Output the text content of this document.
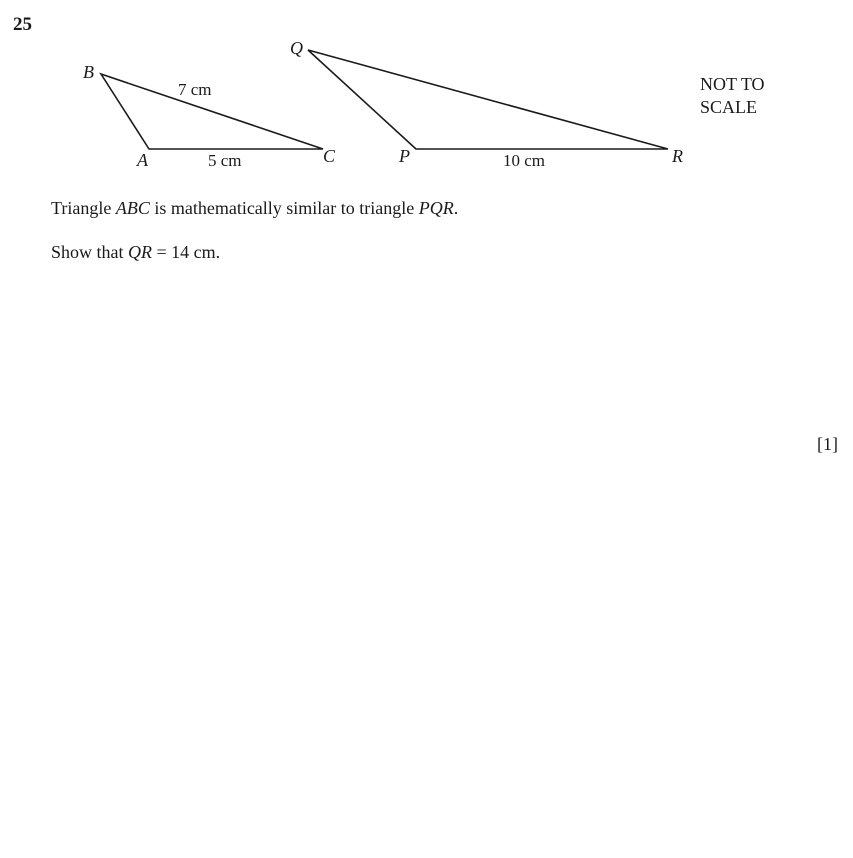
25
B
A	C
7 cm
5 cm
Q
P	R
10 cm
NOT TO
SCALE
Triangle ABC is mathematically similar to triangle PQR.
Show that QR = 14 cm.
[1]
